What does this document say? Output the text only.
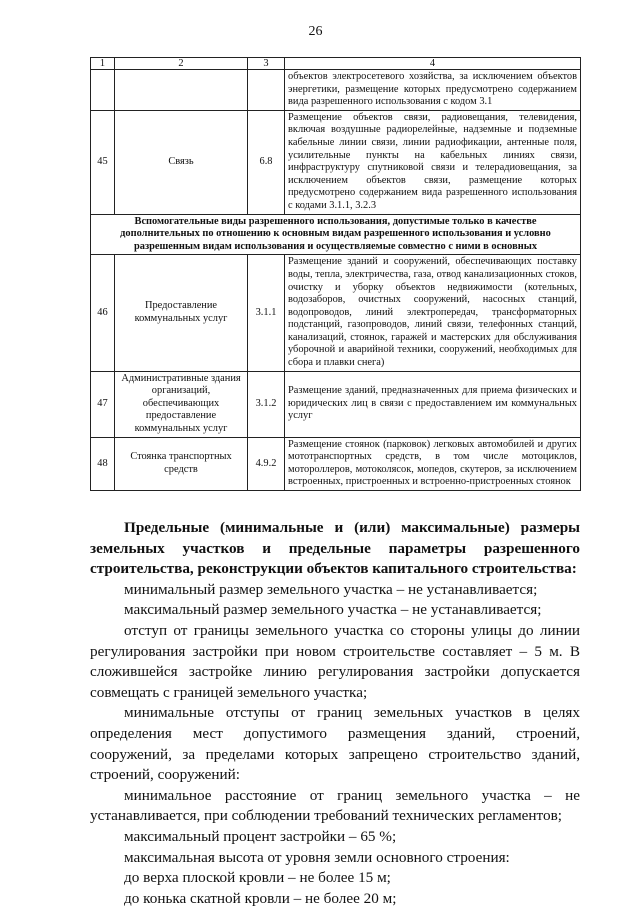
26
1	2	3	4
			объектов электросетевого хозяйства, за исключением объектов энергетики, размещение которых предусмотрено содержанием вида разрешенного использования с кодом 3.1
45	Связь	6.8	Размещение объектов связи, радиовещания, телевидения, включая воздушные радиорелейные, надземные и подземные кабельные линии связи, линии радиофикации, антенные поля, усилительные пункты на кабельных линиях связи, инфраструктуру спутниковой связи и телерадиовещания, за исключением объектов связи, размещение которых предусмотрено содержанием вида разрешенного использования с кодами 3.1.1, 3.2.3
Вспомогательные виды разрешенного использования, допустимые только в качестве дополнительных по отношению к основным видам разрешенного использования и условно разрешенным видам использования и осуществляемые совместно с ними в основных			
46	Предоставление коммунальных услуг	3.1.1	Размещение зданий и сооружений, обеспечивающих поставку воды, тепла, электричества, газа, отвод канализационных стоков, очистку и уборку объектов недвижимости (котельных, водозаборов, очистных сооружений, насосных станций, водопроводов, линий электропередач, трансформаторных подстанций, газопроводов, линий связи, телефонных станций, канализаций, стоянок, гаражей и мастерских для обслуживания уборочной и аварийной техники, сооружений, необходимых для сбора и плавки снега)
47	Административные здания организаций, обеспечивающих предоставление коммунальных услуг	3.1.2	Размещение зданий, предназначенных для приема физических и юридических лиц в связи с предоставлением им коммунальных услуг
48	Стоянка транспортных средств	4.9.2	Размещение стоянок (парковок) легковых автомобилей и других мототранспортных средств, в том числе мотоциклов, мотороллеров, мотоколясок, мопедов, скутеров, за исключением встроенных, пристроенных и встроенно-пристроенных стоянок

Предельные (минимальные и (или) максимальные) размеры земельных участков и предельные параметры разрешенного строительства, реконструкции объектов капитального строительства:

минимальный размер земельного участка – не устанавливается;

максимальный размер земельного участка – не устанавливается;

отступ от границы земельного участка со стороны улицы до линии регулирования застройки при новом строительстве составляет – 5 м. В сложившейся застройке линию регулирования застройки допускается совмещать с границей земельного участка;

минимальные отступы от границ земельных участков в целях определения мест допустимого размещения зданий, строений, сооружений, за пределами которых запрещено строительство зданий, строений, сооружений:

минимальное расстояние от границ земельного участка – не устанавливается, при соблюдении требований технических регламентов;

максимальный процент застройки – 65 %;

максимальная высота от уровня земли основного строения:

до верха плоской кровли – не более 15 м;

до конька скатной кровли – не более 20 м;
